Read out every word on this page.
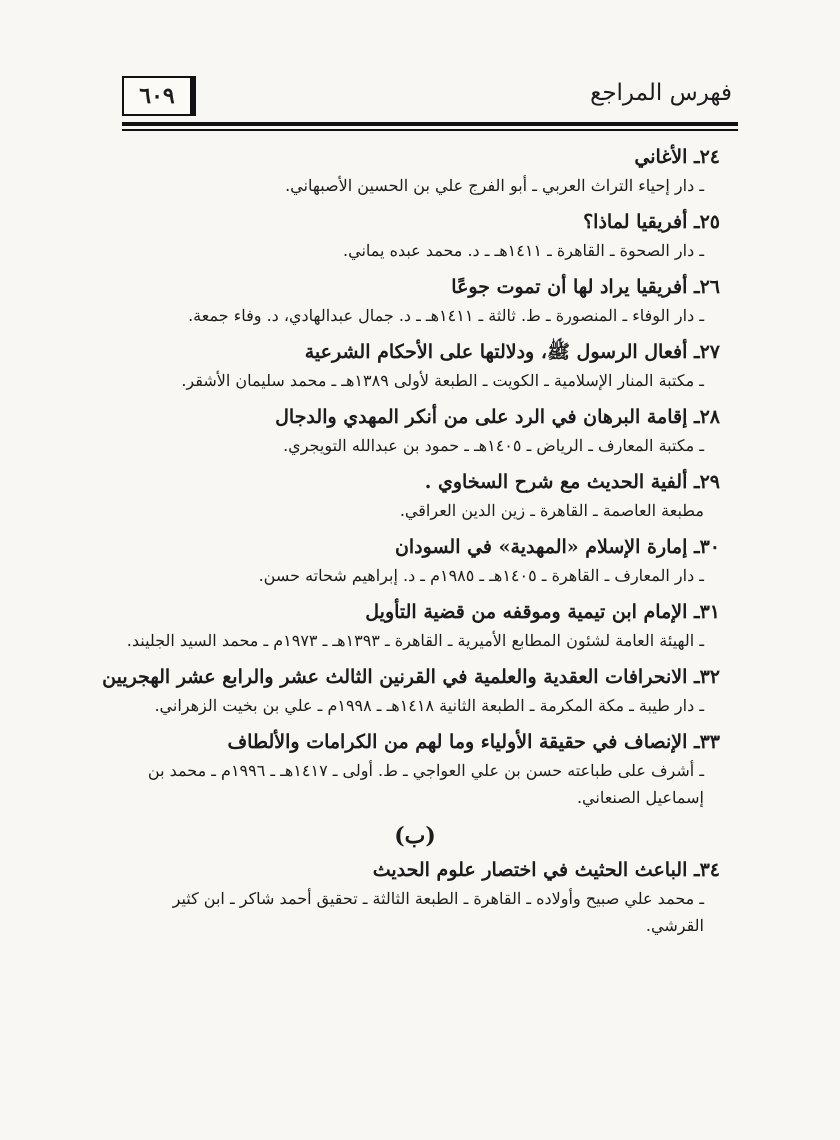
٦٠٩	فهرس المراجع
٢٤ـ الأغاني
ـ دار إحياء التراث العربي ـ أبو الفرج علي بن الحسين الأصبهاني.
٢٥ـ أفريقيا لماذا؟
ـ دار الصحوة ـ القاهرة ـ ١٤١١هـ ـ د. محمد عبده يماني.
٢٦ـ أفريقيا يراد لها أن تموت جوعًا
ـ دار الوفاء ـ المنصورة ـ ط. ثالثة ـ ١٤١١هـ ـ د. جمال عبدالهادي، د. وفاء جمعة.
٢٧ـ أفعال الرسول ﷺ، ودلالتها على الأحكام الشرعية
ـ مكتبة المنار الإسلامية ـ الكويت ـ الطبعة لأولى ١٣٨٩هـ ـ محمد سليمان الأشقر.
٢٨ـ إقامة البرهان في الرد على من أنكر المهدي والدجال
ـ مكتبة المعارف ـ الرياض ـ ١٤٠٥هـ ـ حمود بن عبدالله التويجري.
٢٩ـ ألفية الحديث مع شرح السخاوي .
مطبعة العاصمة ـ القاهرة ـ زين الدين العراقي.
٣٠ـ إمارة الإسلام «المهدية» في السودان
ـ دار المعارف ـ القاهرة ـ ١٤٠٥هـ ـ ١٩٨٥م ـ د. إبراهيم شحاته حسن.
٣١ـ الإمام ابن تيمية وموقفه من قضية التأويل
ـ الهيئة العامة لشئون المطابع الأميرية ـ القاهرة ـ ١٣٩٣هـ ـ ١٩٧٣م ـ محمد السيد الجليند.
٣٢ـ الانحرافات العقدية والعلمية في القرنين الثالث عشر والرابع عشر الهجريين
ـ دار طيبة ـ مكة المكرمة ـ الطبعة الثانية ١٤١٨هـ ـ ١٩٩٨م ـ علي بن بخيت الزهراني.
٣٣ـ الإنصاف في حقيقة الأولياء وما لهم من الكرامات والألطاف
ـ أشرف على طباعته حسن بن علي العواجي ـ ط. أولى ـ ١٤١٧هـ ـ ١٩٩٦م ـ محمد بن إسماعيل الصنعاني.
(ب)
٣٤ـ الباعث الحثيث في اختصار علوم الحديث
ـ محمد علي صبيح وأولاده ـ القاهرة ـ الطبعة الثالثة ـ تحقيق أحمد شاكر ـ ابن كثير القرشي.
